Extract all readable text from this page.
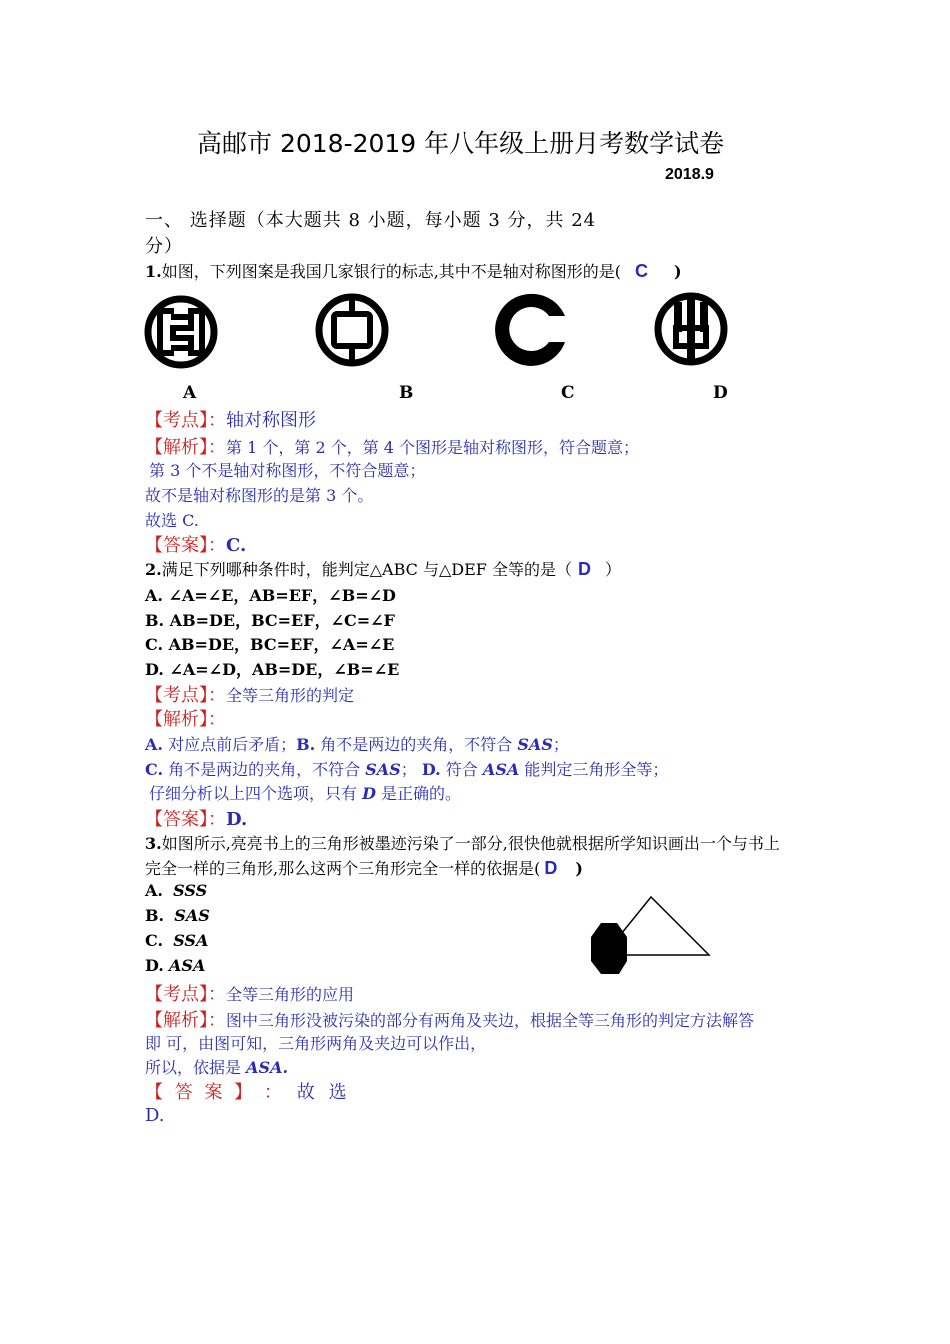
高邮市 2018-2019 年八年级上册月考数学试卷
2018.9
一、 选择题（本大题共 8 小题，每小题 3 分，共 24
分）
1.如图，下列图案是我国几家银行的标志,其中不是轴对称图形的是( C )
A	B	C	D
【考点】：轴对称图形
【解析】：第 1 个，第 2 个，第 4 个图形是轴对称图形，符合题意；
第 3 个不是轴对称图形，不符合题意；
故不是轴对称图形的是第 3 个。
故选 C.
【答案】：C.
2.满足下列哪种条件时，能判定△ABC 与△DEF 全等的是（ D ）
A. ∠A=∠E，AB=EF，∠B=∠D
B. AB=DE，BC=EF，∠C=∠F
C. AB=DE，BC=EF，∠A=∠E
D. ∠A=∠D，AB=DE，∠B=∠E
【考点】：全等三角形的判定
【解析】：
A. 对应点前后矛盾；B. 角不是两边的夹角，不符合 SAS；
C. 角不是两边的夹角，不符合 SAS； D. 符合 ASA 能判定三角形全等；
仔细分析以上四个选项，只有 D 是正确的。
【答案】：D.
3.如图所示,亮亮书上的三角形被墨迹污染了一部分,很快他就根据所学知识画出一个与书上
完全一样的三角形,那么这两个三角形完全一样的依据是( D )
A. SSS
B. SAS
C. SSA
D. ASA
【考点】：全等三角形的应用
【解析】：图中三角形没被污染的部分有两角及夹边，根据全等三角形的判定方法解答
即 可，由图可知，三角形两角及夹边可以作出，
所以，依据是 ASA.
【 答 案 】 ： 故 选
D.
